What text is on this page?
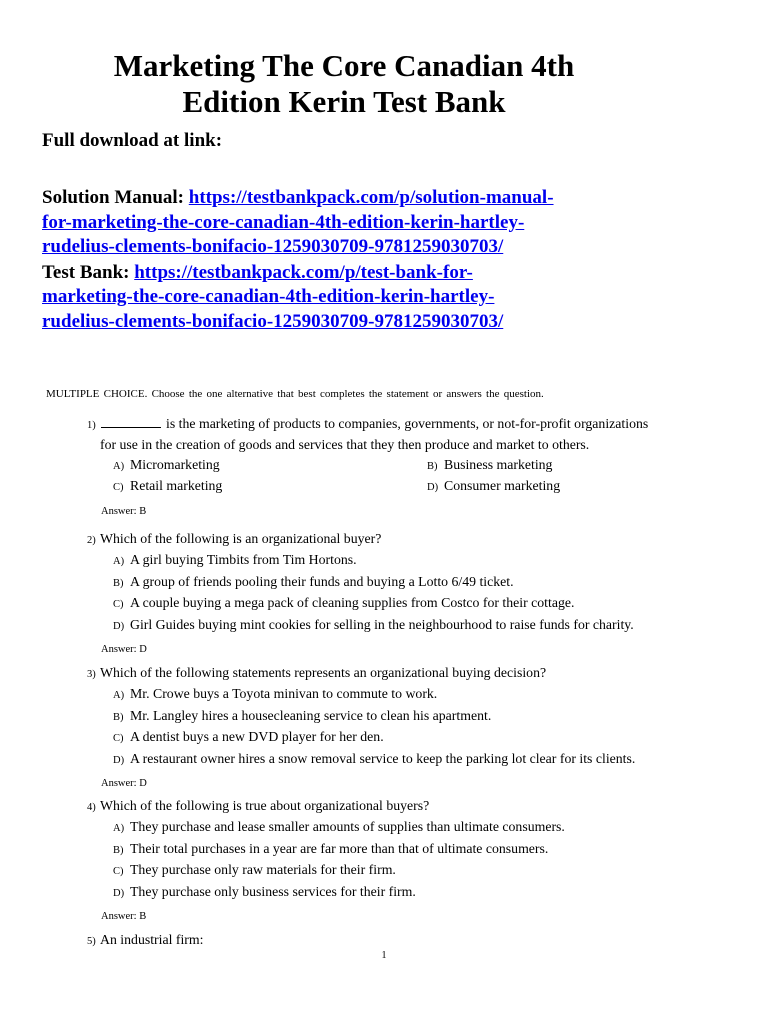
Marketing The Core Canadian 4th
Edition Kerin Test Bank
Full download at link:
Solution Manual: https://testbankpack.com/p/solution-manual-
for-marketing-the-core-canadian-4th-edition-kerin-hartley-
rudelius-clements-bonifacio-1259030709-9781259030703/
Test Bank: https://testbankpack.com/p/test-bank-for-
marketing-the-core-canadian-4th-edition-kerin-hartley-
rudelius-clements-bonifacio-1259030709-9781259030703/
MULTIPLE CHOICE. Choose the one alternative that best completes the statement or answers the question.
1)	is the marketing of products to companies, governments, or not-for-profit organizations
for use in the creation of goods and services that they then produce and market to others.
A) Micromarketing	B) Business marketing
C) Retail marketing	D) Consumer marketing
Answer: B
2) Which of the following is an organizational buyer?
A) A girl buying Timbits from Tim Hortons.
B) A group of friends pooling their funds and buying a Lotto 6/49 ticket.
C) A couple buying a mega pack of cleaning supplies from Costco for their cottage.
D) Girl Guides buying mint cookies for selling in the neighbourhood to raise funds for charity.
Answer: D
3) Which of the following statements represents an organizational buying decision?
A) Mr. Crowe buys a Toyota minivan to commute to work.
B) Mr. Langley hires a housecleaning service to clean his apartment.
C) A dentist buys a new DVD player for her den.
D) A restaurant owner hires a snow removal service to keep the parking lot clear for its clients.
Answer: D
4) Which of the following is true about organizational buyers?
A) They purchase and lease smaller amounts of supplies than ultimate consumers.
B) Their total purchases in a year are far more than that of ultimate consumers.
C) They purchase only raw materials for their firm.
D) They purchase only business services for their firm.
Answer: B
5) An industrial firm:
1
